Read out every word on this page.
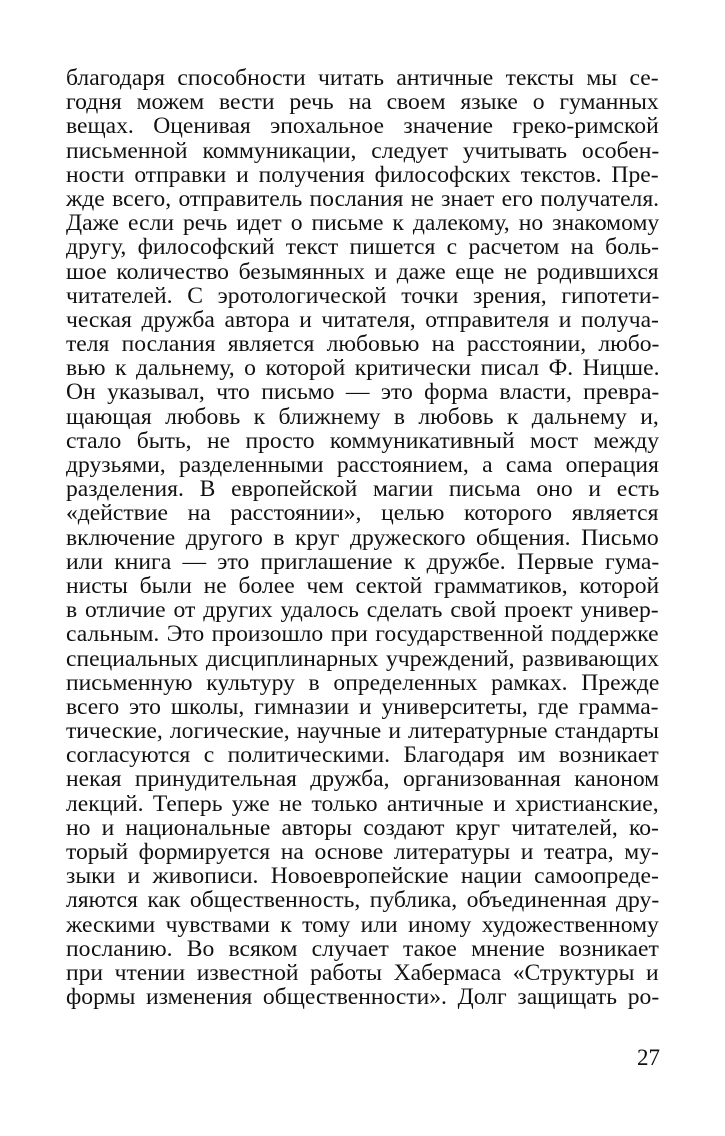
благодаря способности читать античные тексты мы се-
годня можем вести речь на своем языке о гуманных
вещах. Оценивая эпохальное значение греко-римской
письменной коммуникации, следует учитывать особен-
ности отправки и получения философских текстов. Пре-
жде всего, отправитель послания не знает его получателя.
Даже если речь идет о письме к далекому, но знакомому
другу, философский текст пишется с расчетом на боль-
шое количество безымянных и даже еще не родившихся
читателей. С эротологической точки зрения, гипотети-
ческая дружба автора и читателя, отправителя и получа-
теля послания является любовью на расстоянии, любо-
вью к дальнему, о которой критически писал Ф. Ницше.
Он указывал, что письмо — это форма власти, превра-
щающая любовь к ближнему в любовь к дальнему и,
стало быть, не просто коммуникативный мост между
друзьями, разделенными расстоянием, а сама операция
разделения. В европейской магии письма оно и есть
«действие на расстоянии», целью которого является
включение другого в круг дружеского общения. Письмо
или книга — это приглашение к дружбе. Первые гума-
нисты были не более чем сектой грамматиков, которой
в отличие от других удалось сделать свой проект универ-
сальным. Это произошло при государственной поддержке
специальных дисциплинарных учреждений, развивающих
письменную культуру в определенных рамках. Прежде
всего это школы, гимназии и университеты, где грамма-
тические, логические, научные и литературные стандарты
согласуются с политическими. Благодаря им возникает
некая принудительная дружба, организованная каноном
лекций. Теперь уже не только античные и христианские,
но и национальные авторы создают круг читателей, ко-
торый формируется на основе литературы и театра, му-
зыки и живописи. Новоевропейские нации самоопреде-
ляются как общественность, публика, объединенная дру-
жескими чувствами к тому или иному художественному
посланию. Во всяком случает такое мнение возникает
при чтении известной работы Хабермаса «Структуры и
формы изменения общественности». Долг защищать ро-
27
